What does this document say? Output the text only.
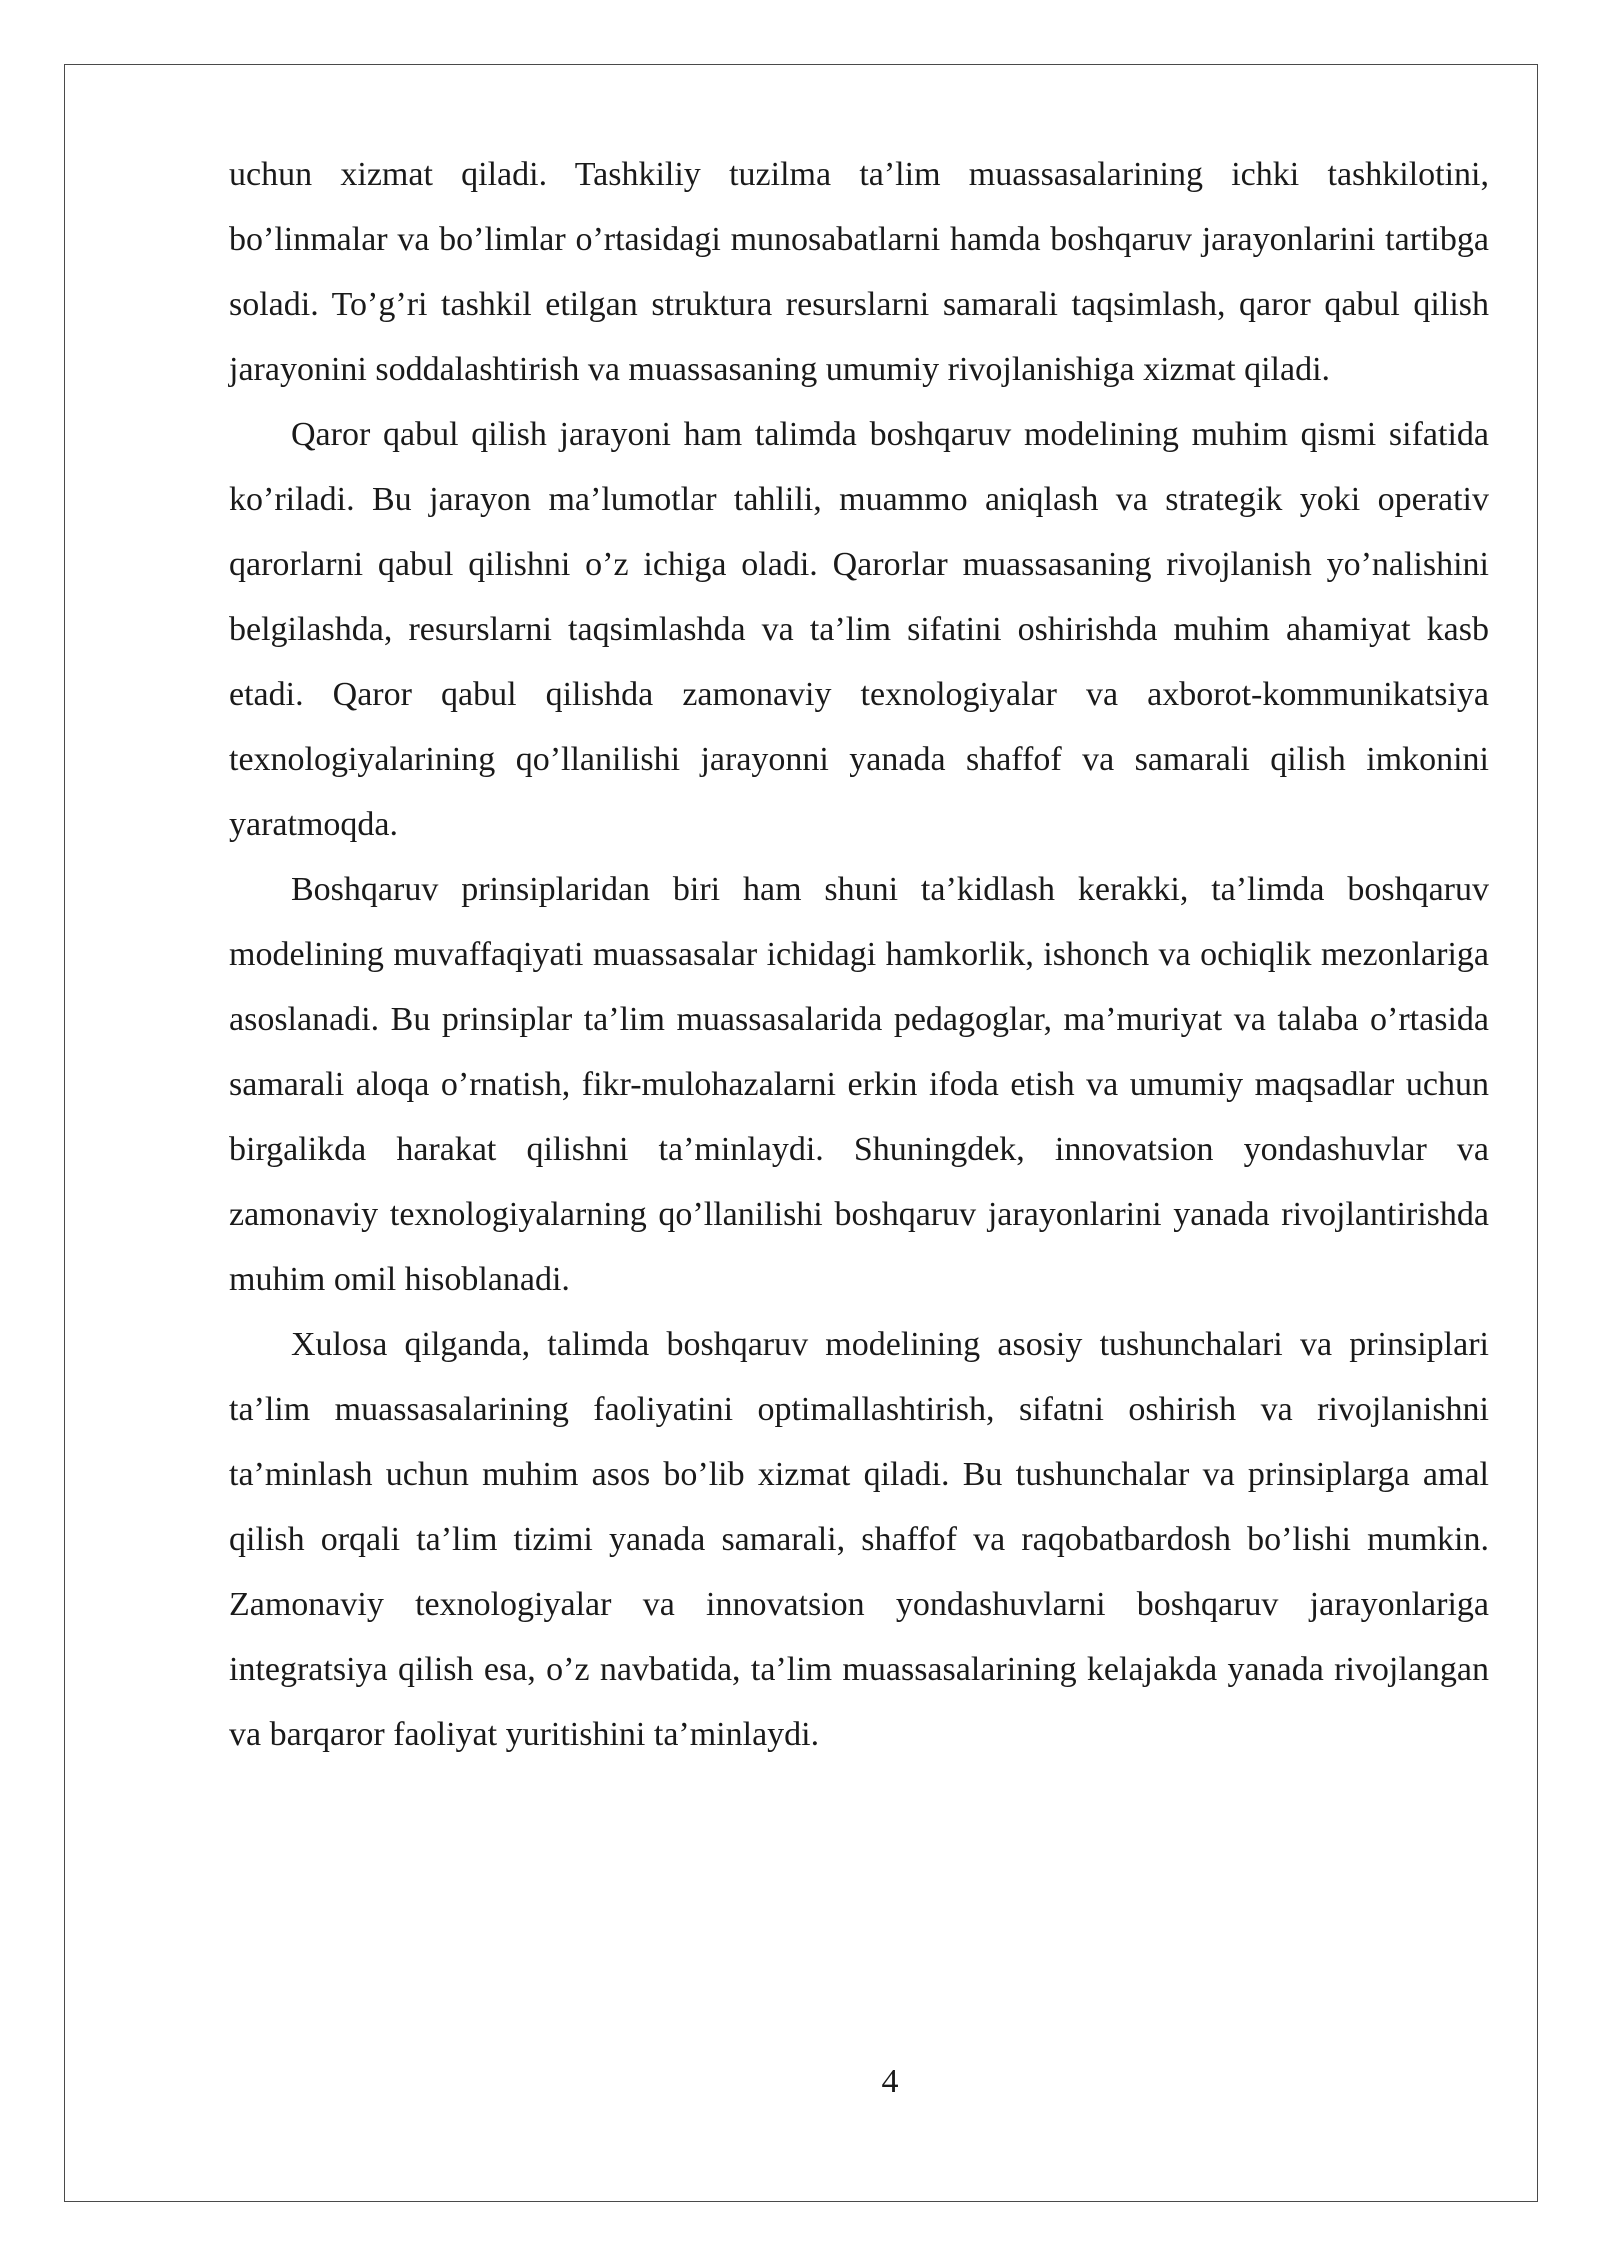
uchun xizmat qiladi. Tashkiliy tuzilma ta’lim muassasalarining ichki tashkilotini, bo’linmalar va bo’limlar o’rtasidagi munosabatlarni hamda boshqaruv jarayonlarini tartibga soladi. To’g’ri tashkil etilgan struktura resurslarni samarali taqsimlash, qaror qabul qilish jarayonini soddalashtirish va muassasaning umumiy rivojlanishiga xizmat qiladi.

Qaror qabul qilish jarayoni ham talimda boshqaruv modelining muhim qismi sifatida ko’riladi. Bu jarayon ma’lumotlar tahlili, muammo aniqlash va strategik yoki operativ qarorlarni qabul qilishni o’z ichiga oladi. Qarorlar muassasaning rivojlanish yo’nalishini belgilashda, resurslarni taqsimlashda va ta’lim sifatini oshirishda muhim ahamiyat kasb etadi. Qaror qabul qilishda zamonaviy texnologiyalar va axborot-kommunikatsiya texnologiyalarining qo’llanilishi jarayonni yanada shaffof va samarali qilish imkonini yaratmoqda.

Boshqaruv prinsiplaridan biri ham shuni ta’kidlash kerakki, ta’limda boshqaruv modelining muvaffaqiyati muassasalar ichidagi hamkorlik, ishonch va ochiqlik mezonlariga asoslanadi. Bu prinsiplar ta’lim muassasalarida pedagoglar, ma’muriyat va talaba o’rtasida samarali aloqa o’rnatish, fikr-mulohazalarni erkin ifoda etish va umumiy maqsadlar uchun birgalikda harakat qilishni ta’minlaydi. Shuningdek, innovatsion yondashuvlar va zamonaviy texnologiyalarning qo’llanilishi boshqaruv jarayonlarini yanada rivojlantirishda muhim omil hisoblanadi.

Xulosa qilganda, talimda boshqaruv modelining asosiy tushunchalari va prinsiplari ta’lim muassasalarining faoliyatini optimallashtirish, sifatni oshirish va rivojlanishni ta’minlash uchun muhim asos bo’lib xizmat qiladi. Bu tushunchalar va prinsiplarga amal qilish orqali ta’lim tizimi yanada samarali, shaffof va raqobatbardosh bo’lishi mumkin. Zamonaviy texnologiyalar va innovatsion yondashuvlarni boshqaruv jarayonlariga integratsiya qilish esa, o’z navbatida, ta’lim muassasalarining kelajakda yanada rivojlangan va barqaror faoliyat yuritishini ta’minlaydi.

4
